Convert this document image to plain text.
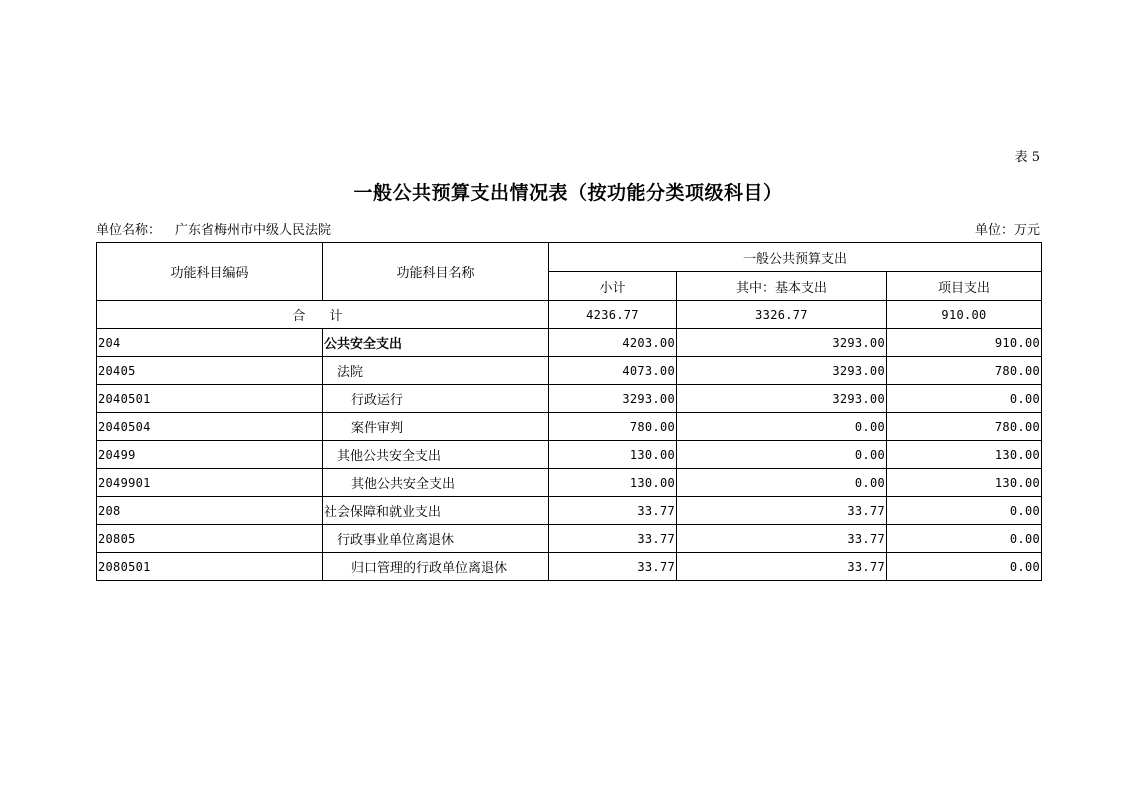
表 5
一般公共预算支出情况表（按功能分类项级科目）
单位名称： 广东省梅州市中级人民法院	单位：万元
功能科目编码	功能科目名称	一般公共预算支出		
		小计	其中：基本支出	项目支出
合 计		4236.77	3326.77	910.00
204	公共安全支出	4203.00	3293.00	910.00
20405	法院	4073.00	3293.00	780.00
2040501	行政运行	3293.00	3293.00	0.00
2040504	案件审判	780.00	0.00	780.00
20499	其他公共安全支出	130.00	0.00	130.00
2049901	其他公共安全支出	130.00	0.00	130.00
208	社会保障和就业支出	33.77	33.77	0.00
20805	行政事业单位离退休	33.77	33.77	0.00
2080501	归口管理的行政单位离退休	33.77	33.77	0.00
